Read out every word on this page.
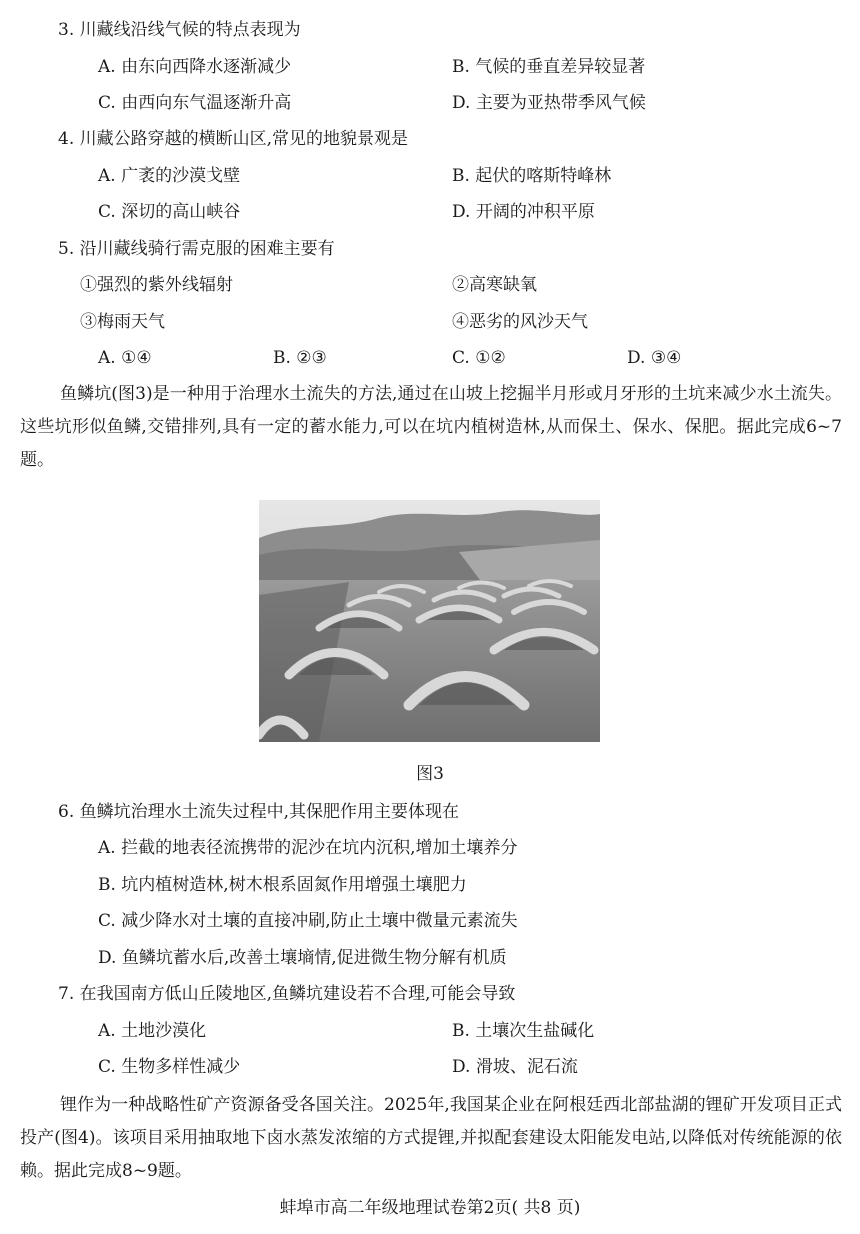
3. 川藏线沿线气候的特点表现为
A. 由东向西降水逐渐减少	B. 气候的垂直差异较显著
C. 由西向东气温逐渐升高	D. 主要为亚热带季风气候
4. 川藏公路穿越的横断山区,常见的地貌景观是
A. 广袤的沙漠戈壁	B. 起伏的喀斯特峰林
C. 深切的高山峡谷	D. 开阔的冲积平原
5. 沿川藏线骑行需克服的困难主要有
①强烈的紫外线辐射	②高寒缺氧
③梅雨天气	④恶劣的风沙天气
A. ①④	B. ②③	C. ①②	D. ③④
鱼鳞坑(图3)是一种用于治理水土流失的方法,通过在山坡上挖掘半月形或月牙形的土坑来减少水土流失。这些坑形似鱼鳞,交错排列,具有一定的蓄水能力,可以在坑内植树造林,从而保土、保水、保肥。据此完成6~7题。
图3
6. 鱼鳞坑治理水土流失过程中,其保肥作用主要体现在
A. 拦截的地表径流携带的泥沙在坑内沉积,增加土壤养分
B. 坑内植树造林,树木根系固氮作用增强土壤肥力
C. 减少降水对土壤的直接冲刷,防止土壤中微量元素流失
D. 鱼鳞坑蓄水后,改善土壤墒情,促进微生物分解有机质
7. 在我国南方低山丘陵地区,鱼鳞坑建设若不合理,可能会导致
A. 土地沙漠化	B. 土壤次生盐碱化
C. 生物多样性减少	D. 滑坡、泥石流
锂作为一种战略性矿产资源备受各国关注。2025年,我国某企业在阿根廷西北部盐湖的锂矿开发项目正式投产(图4)。该项目采用抽取地下卤水蒸发浓缩的方式提锂,并拟配套建设太阳能发电站,以降低对传统能源的依赖。据此完成8~9题。
蚌埠市高二年级地理试卷第2页( 共8 页)
